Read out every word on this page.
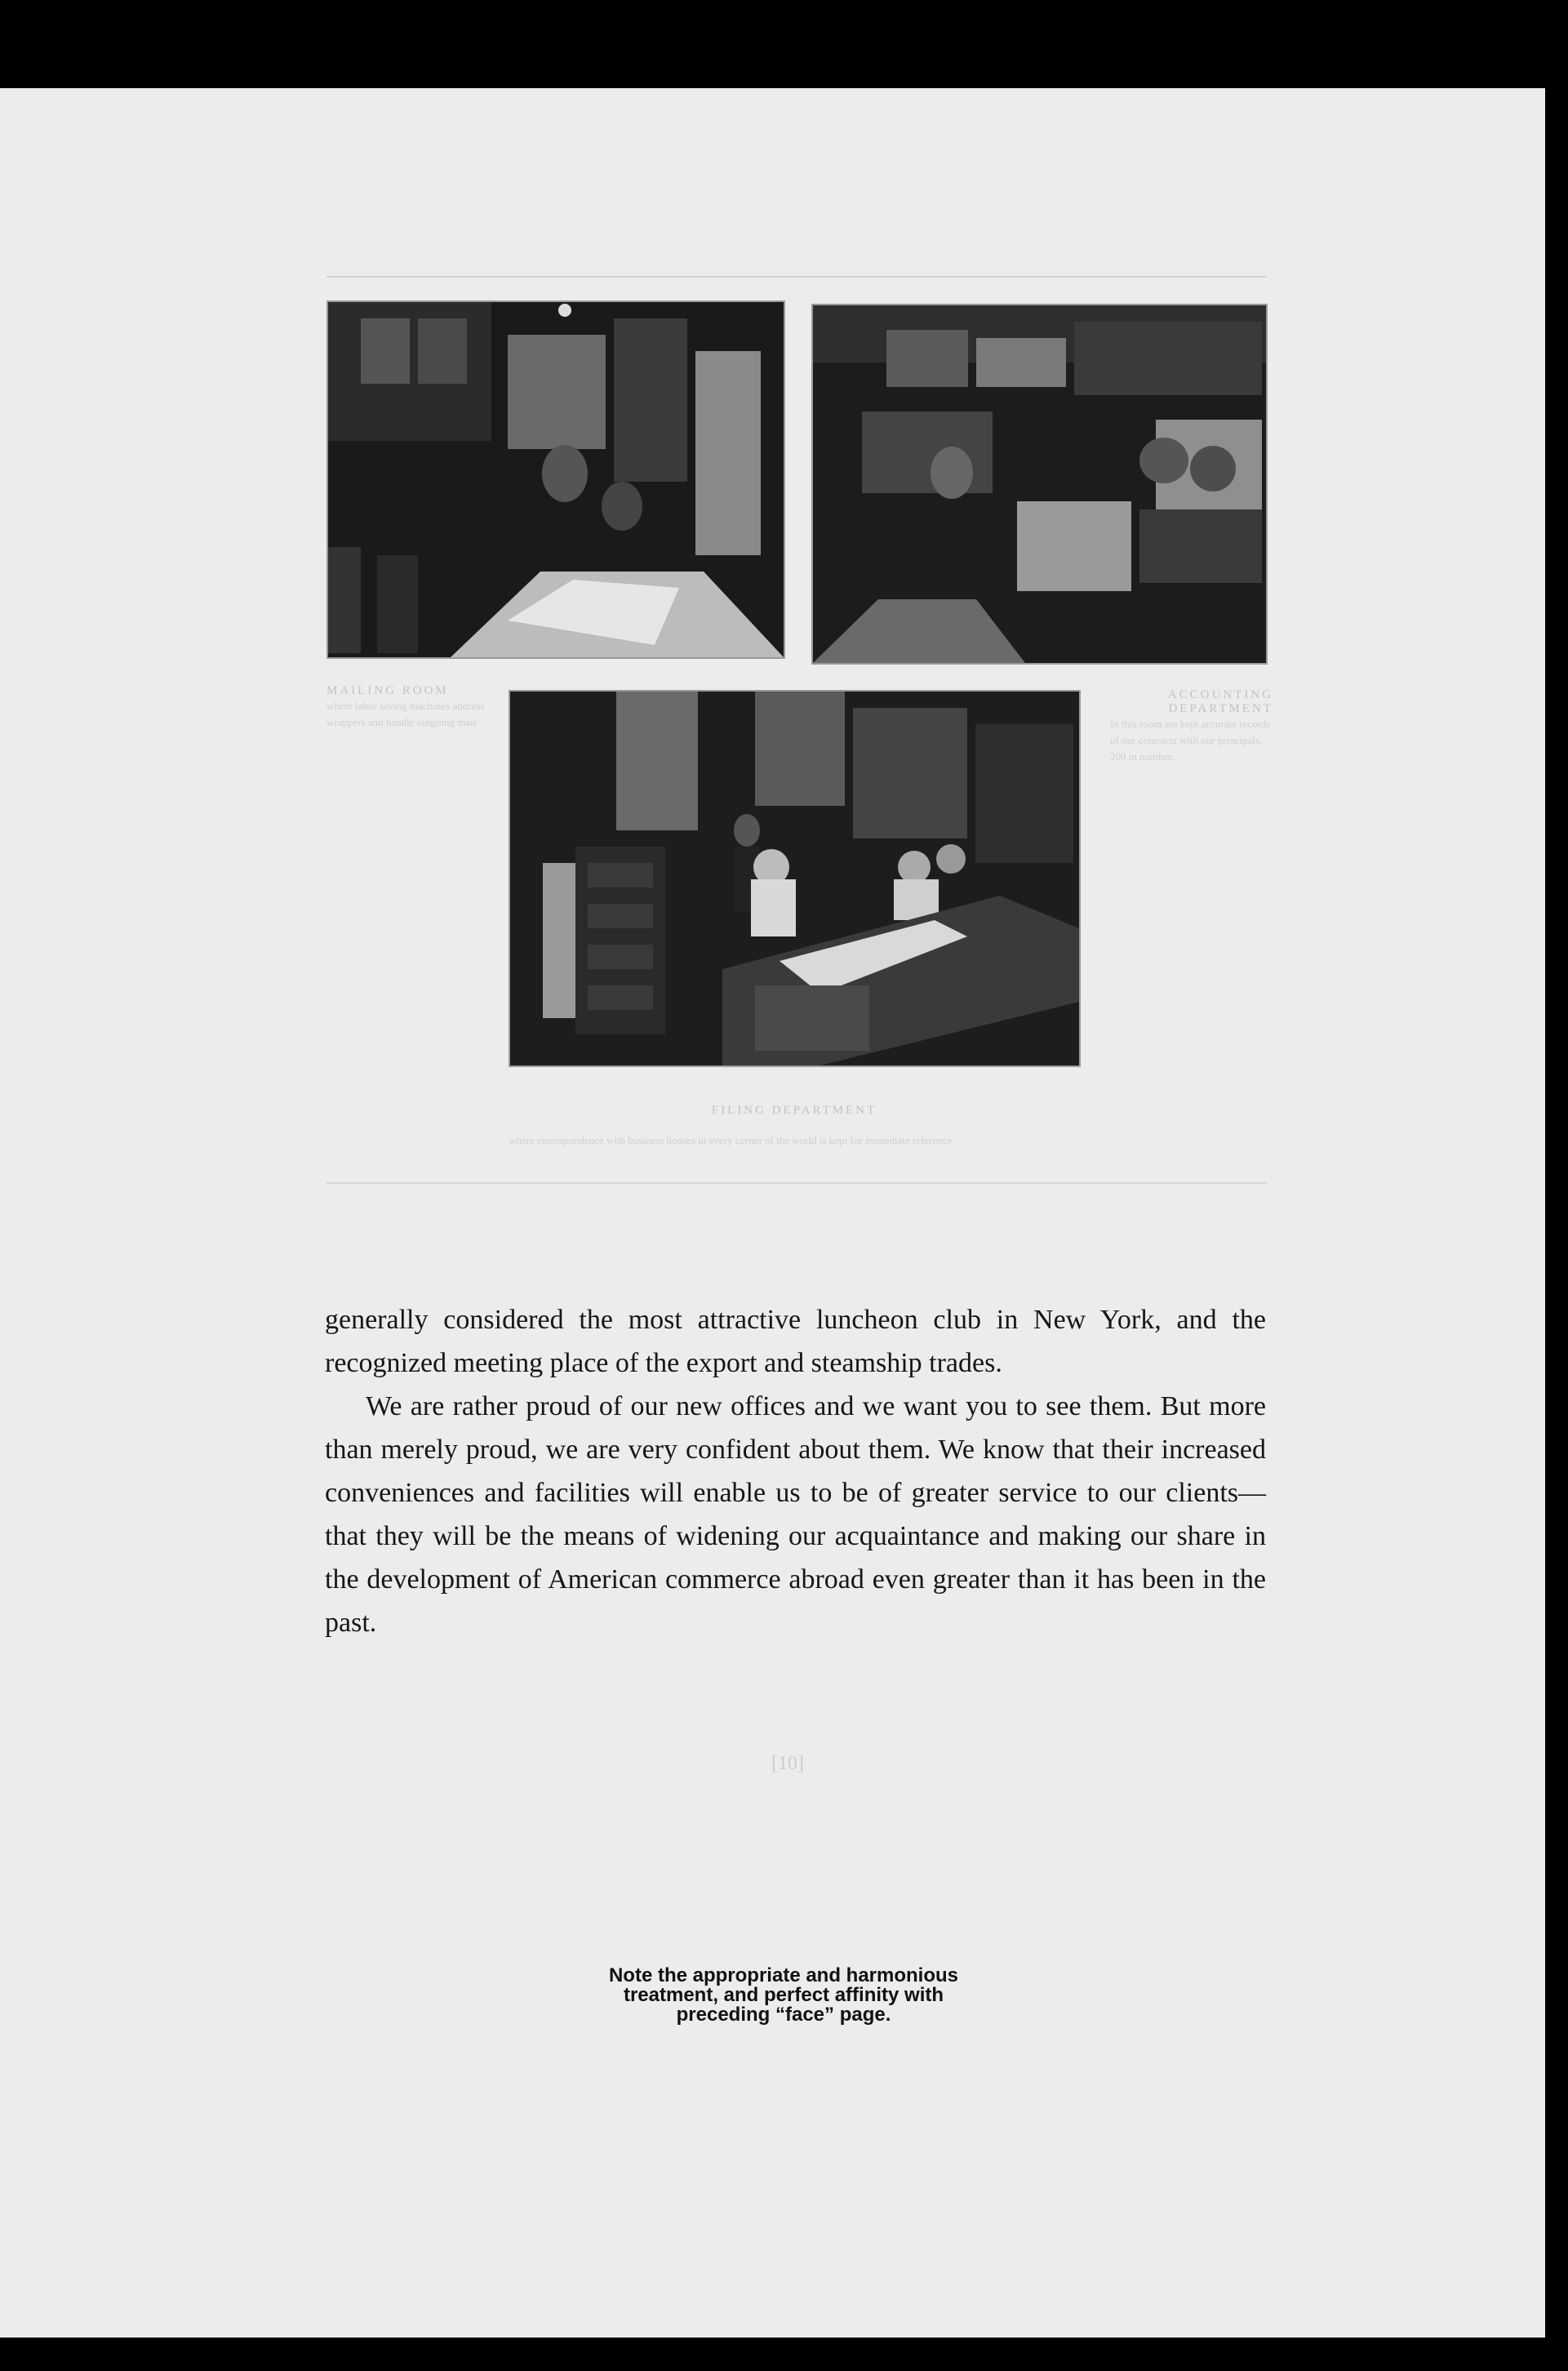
MAILING ROOM
where labor saving machines address wrappers and handle outgoing mail
ACCOUNTING DEPARTMENT
In this room are kept accurate records of our contracts with our principals. 200 in number.
FILING DEPARTMENT
where correspondence with business houses in every corner of the world is kept for immediate reference.

generally considered the most attractive luncheon club in New York, and the recognized meeting place of the export and steamship trades.

We are rather proud of our new offices and we want you to see them. But more than merely proud, we are very confident about them. We know that their increased conveniences and facilities will enable us to be of greater service to our clients—that they will be the means of widening our acquaintance and making our share in the development of American commerce abroad even greater than it has been in the past.

[10]
Note the appropriate and harmonious
treatment, and perfect affinity with
preceding “face” page.
